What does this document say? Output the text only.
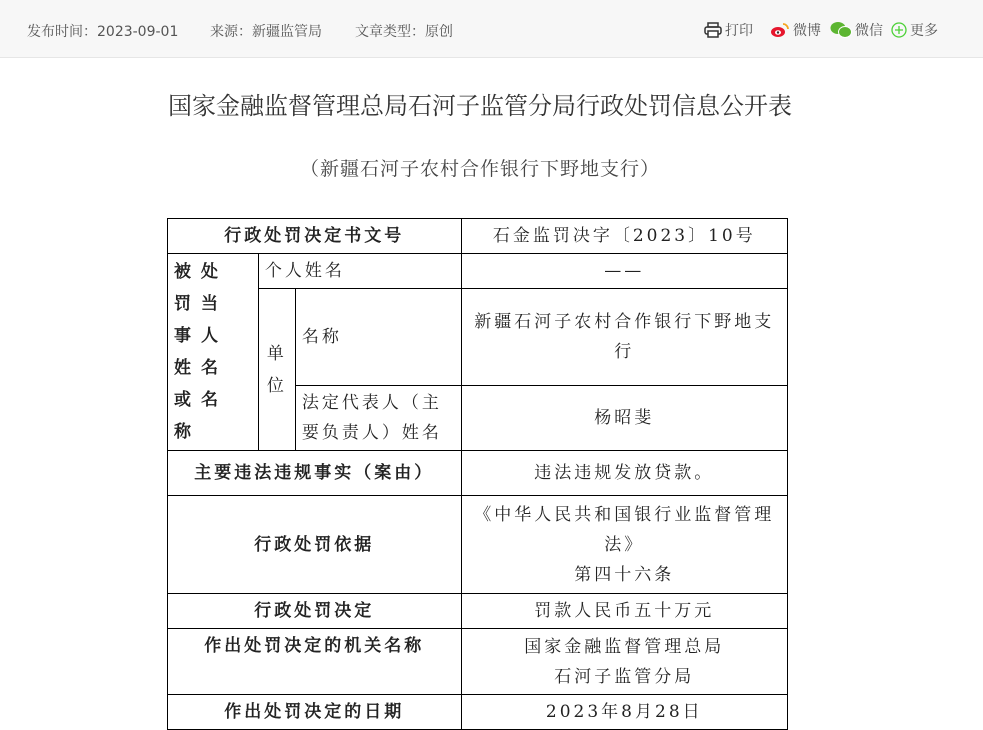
发布时间：2023-09-01 来源：新疆监管局 文章类型：原创	打印	微博 微信 更多
国家金融监督管理总局石河子监管分局行政处罚信息公开表
（新疆石河子农村合作银行下野地支行）
行政处罚决定书文号			石金监罚决字〔2023〕10号
被处罚当事人姓名或名称	个人姓名		——
	单位	名称	新疆石河子农村合作银行下野地支行
		法定代表人（主要负责人）姓名	杨昭斐
主要违法违规事实（案由）			违法违规发放贷款。
行政处罚依据			《中华人民共和国银行业监督管理法》
第四十六条

行政处罚决定			罚款人民币五十万元
作出处罚决定的机关名称			国家金融监督管理总局
石河子监管分局

作出处罚决定的日期			2023年8月28日
